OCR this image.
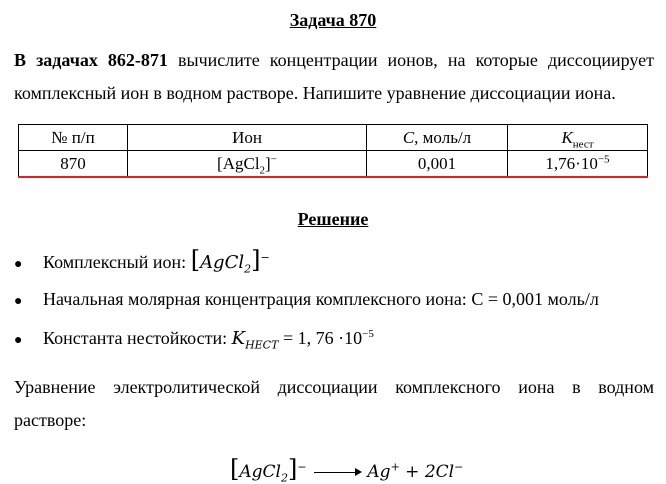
Задача 870
В задачах 862-871 вычислите концентрации ионов, на которые диссоциирует комплексный ион в водном растворе. Напишите уравнение диссоциации иона.
№ п/п	Ион	C, моль/л	$K_{нест}$
870	[AgCl$_2$]−	0,001	$1,76\cdot 10^{-5}$
Решение
● Комплексный ион: [AgCl$_2$]−
● Начальная молярная концентрация комплексного иона: C = 0,001 моль/л
● Константа нестойкости: $K_{НЕСТ} = 1$, $76 \cdot 10^{-5}$
Уравнение электролитической диссоциации комплексного иона в водном
растворе:
[AgCl$_2$]−	Ag+ + 2Cl−
